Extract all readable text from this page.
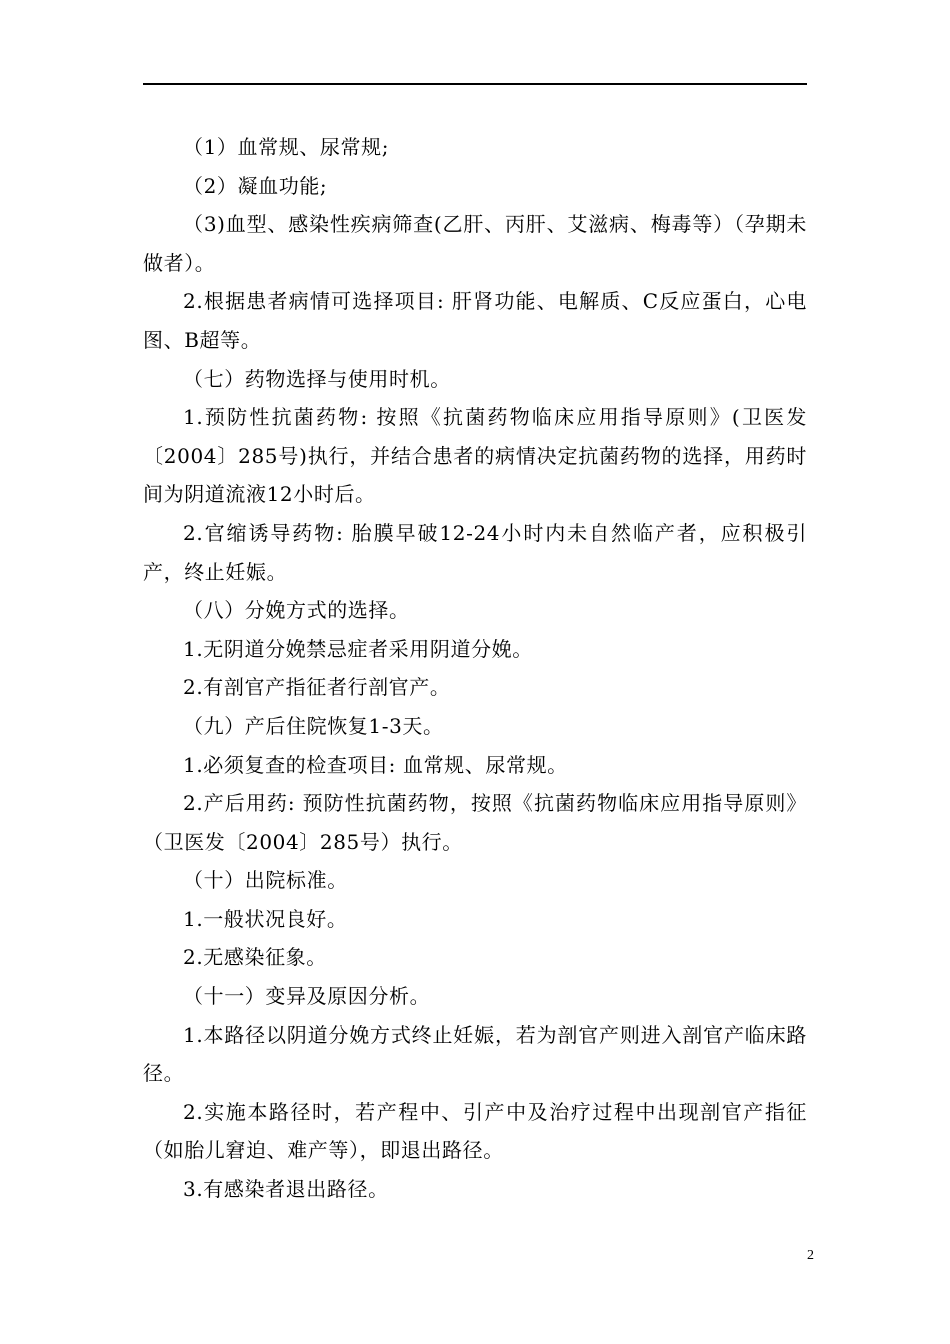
（1）血常规、尿常规;

（2）凝血功能;

（3)血型、感染性疾病筛查(乙肝、丙肝、艾滋病、梅毒等）（孕期未做者）。

2.根据患者病情可选择项目: 肝肾功能、电解质、C反应蛋白，心电图、B超等。

（七）药物选择与使用时机。

1.预防性抗菌药物: 按照《抗菌药物临床应用指导原则》(卫医发〔2004〕285号)执行，并结合患者的病情决定抗菌药物的选择，用药时间为阴道流液12小时后。

2.官缩诱导药物: 胎膜早破12-24小时内未自然临产者，应积极引产，终止妊娠。

（八）分娩方式的选择。

1.无阴道分娩禁忌症者采用阴道分娩。

2.有剖官产指征者行剖官产。

（九）产后住院恢复1-3天。

1.必须复查的检查项目: 血常规、尿常规。

2.产后用药: 预防性抗菌药物，按照《抗菌药物临床应用指导原则》（卫医发〔2004〕285号）执行。

（十）出院标准。

1.一般状况良好。

2.无感染征象。

（十一）变异及原因分析。

1.本路径以阴道分娩方式终止妊娠，若为剖官产则进入剖官产临床路径。

2.实施本路径时，若产程中、引产中及治疗过程中出现剖官产指征（如胎儿窘迫、难产等），即退出路径。

3.有感染者退出路径。

2
